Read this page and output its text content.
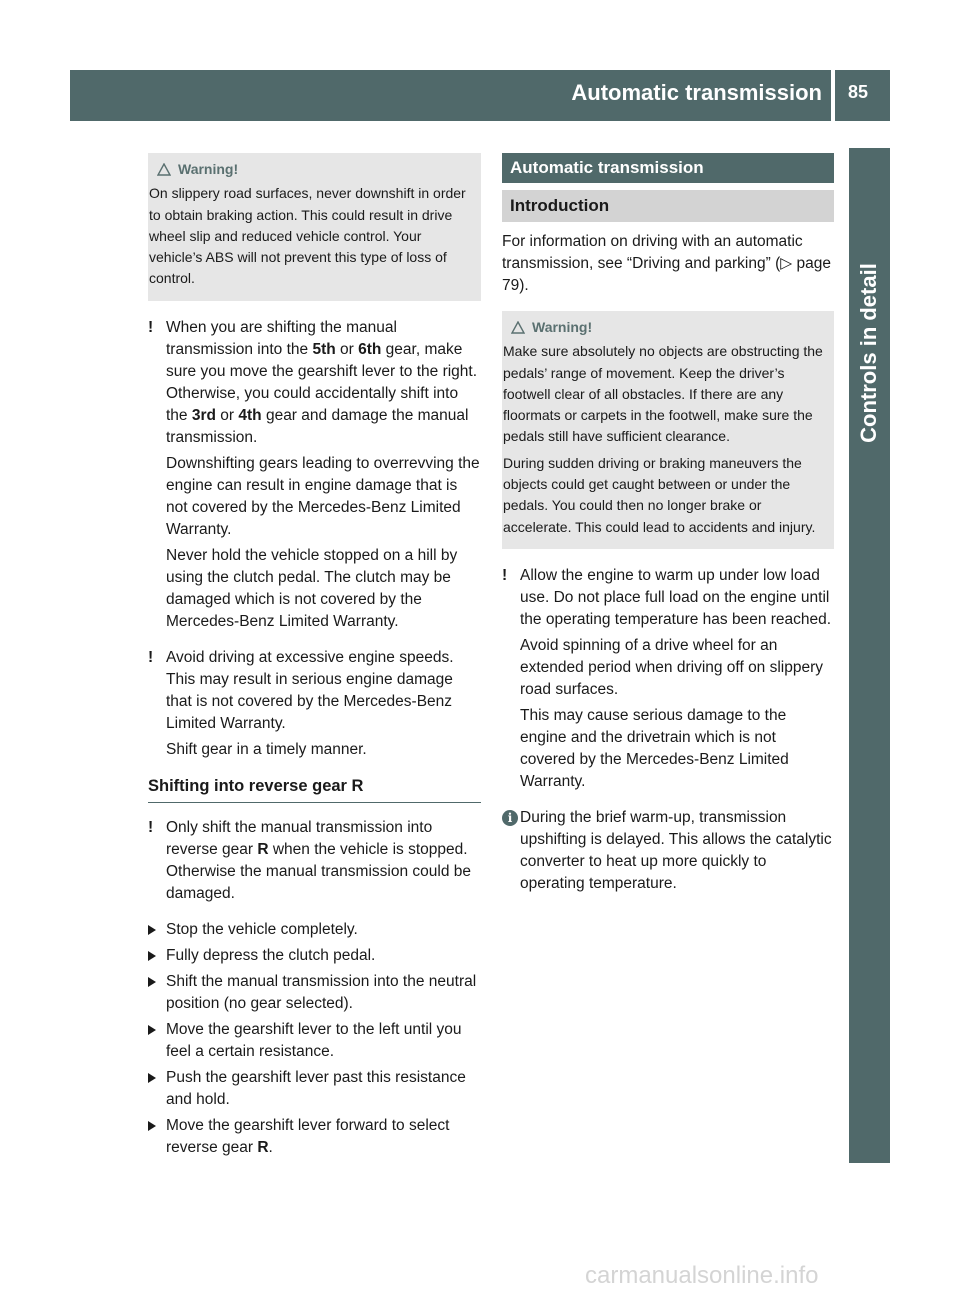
Automatic transmission 85
Controls in detail
Warning!

On slippery road surfaces, never downshift in order to obtain braking action. This could result in drive wheel slip and reduced vehicle control. Your vehicle’s ABS will not prevent this type of loss of control.

! When you are shifting the manual transmission into the 5th or 6th gear, make sure you move the gearshift lever to the right. Otherwise, you could accidentally shift into the 3rd or 4th gear and damage the manual transmission.

Downshifting gears leading to overrevving the engine can result in engine damage that is not covered by the Mercedes-Benz Limited Warranty.

Never hold the vehicle stopped on a hill by using the clutch pedal. The clutch may be damaged which is not covered by the Mercedes-Benz Limited Warranty.

! Avoid driving at excessive engine speeds. This may result in serious engine damage that is not covered by the Mercedes-Benz Limited Warranty.

Shift gear in a timely manner.

Shifting into reverse gear R
! Only shift the manual transmission into reverse gear R when the vehicle is stopped. Otherwise the manual transmission could be damaged.

Stop the vehicle completely.
Fully depress the clutch pedal.
Shift the manual transmission into the neutral position (no gear selected).
Move the gearshift lever to the left until you feel a certain resistance.
Push the gearshift lever past this resistance and hold.
Move the gearshift lever forward to select reverse gear R.
Automatic transmission
Introduction
For information on driving with an automatic transmission, see “Driving and parking” (▷ page 79).
Warning!

Make sure absolutely no objects are obstructing the pedals’ range of movement. Keep the driver’s footwell clear of all obstacles. If there are any floormats or carpets in the footwell, make sure the pedals still have sufficient clearance.

During sudden driving or braking maneuvers the objects could get caught between or under the pedals. You could then no longer brake or accelerate. This could lead to accidents and injury.

! Allow the engine to warm up under low load use. Do not place full load on the engine until the operating temperature has been reached.

Avoid spinning of a drive wheel for an extended period when driving off on slippery road surfaces.

This may cause serious damage to the engine and the drivetrain which is not covered by the Mercedes-Benz Limited Warranty.

i During the brief warm-up, transmission upshifting is delayed. This allows the catalytic converter to heat up more quickly to operating temperature.

carmanualsonline.info
